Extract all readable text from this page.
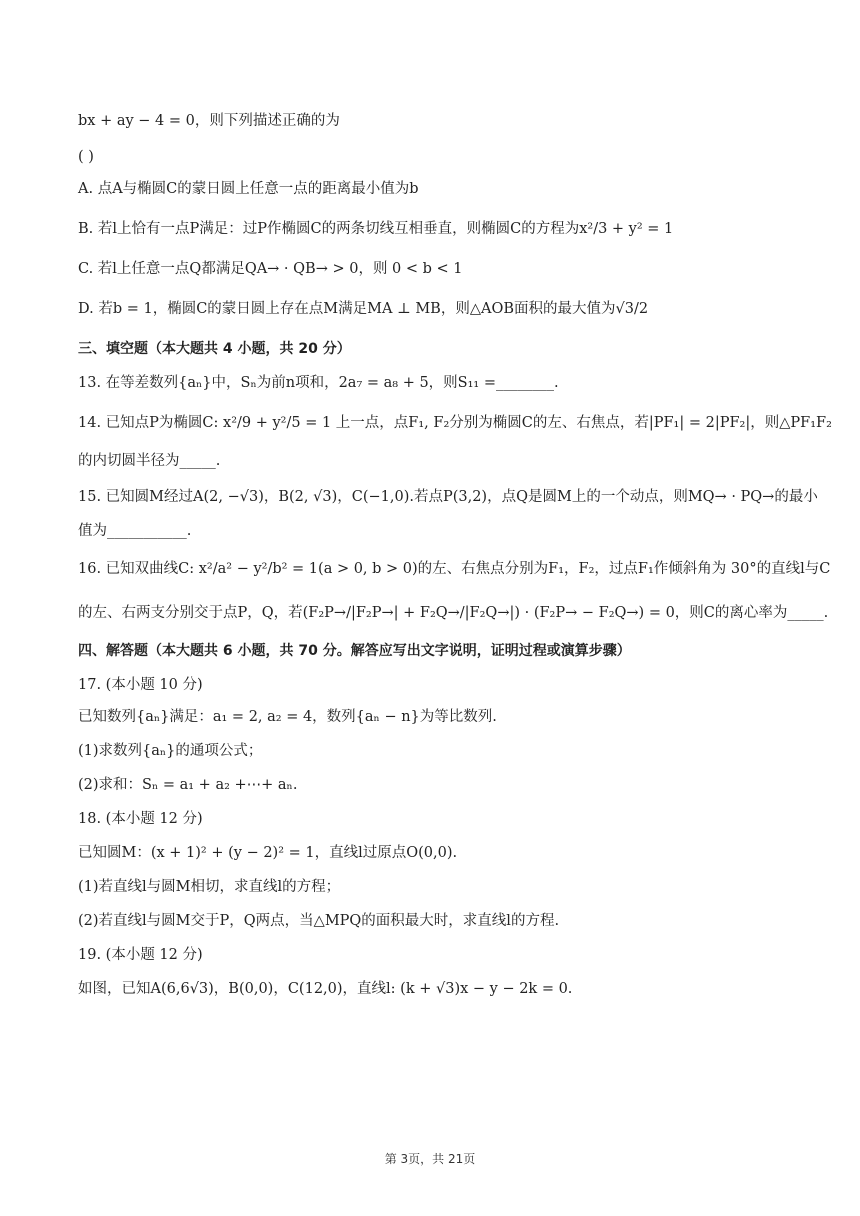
bx + ay − 4 = 0，则下列描述正确的为
( )
A. 点A与椭圆C的蒙日圆上任意一点的距离最小值为b
B. 若l上恰有一点P满足：过P作椭圆C的两条切线互相垂直，则椭圆C的方程为x²/3 + y² = 1
C. 若l上任意一点Q都满足QA→ · QB→ > 0，则 0 < b < 1
D. 若b = 1，椭圆C的蒙日圆上存在点M满足MA ⊥ MB，则△AOB面积的最大值为√3/2
三、填空题（本大题共 4 小题，共 20 分）
13. 在等差数列{aₙ}中，Sₙ为前n项和，2a₇ = a₈ + 5，则S₁₁ =________.
14. 已知点P为椭圆C: x²/9 + y²/5 = 1 上一点，点F₁, F₂分别为椭圆C的左、右焦点，若|PF₁| = 2|PF₂|，则△PF₁F₂
的内切圆半径为_____.
15. 已知圆M经过A(2, −√3)，B(2, √3)，C(−1,0).若点P(3,2)，点Q是圆M上的一个动点，则MQ→ · PQ→的最小
值为___________.
16. 已知双曲线C: x²/a² − y²/b² = 1(a > 0, b > 0)的左、右焦点分别为F₁，F₂，过点F₁作倾斜角为 30°的直线l与C
的左、右两支分别交于点P，Q，若(F₂P→/|F₂P→| + F₂Q→/|F₂Q→|) · (F₂P→ − F₂Q→) = 0，则C的离心率为_____.
四、解答题（本大题共 6 小题，共 70 分。解答应写出文字说明，证明过程或演算步骤）
17. (本小题 10 分)
已知数列{aₙ}满足：a₁ = 2, a₂ = 4，数列{aₙ − n}为等比数列.
(1)求数列{aₙ}的通项公式；
(2)求和：Sₙ = a₁ + a₂ +⋯+ aₙ.
18. (本小题 12 分)
已知圆M：(x + 1)² + (y − 2)² = 1，直线l过原点O(0,0).
(1)若直线l与圆M相切，求直线l的方程；
(2)若直线l与圆M交于P，Q两点，当△MPQ的面积最大时，求直线l的方程.
19. (本小题 12 分)
如图，已知A(6,6√3)，B(0,0)，C(12,0)，直线l: (k + √3)x − y − 2k = 0.
第 3页，共 21页
